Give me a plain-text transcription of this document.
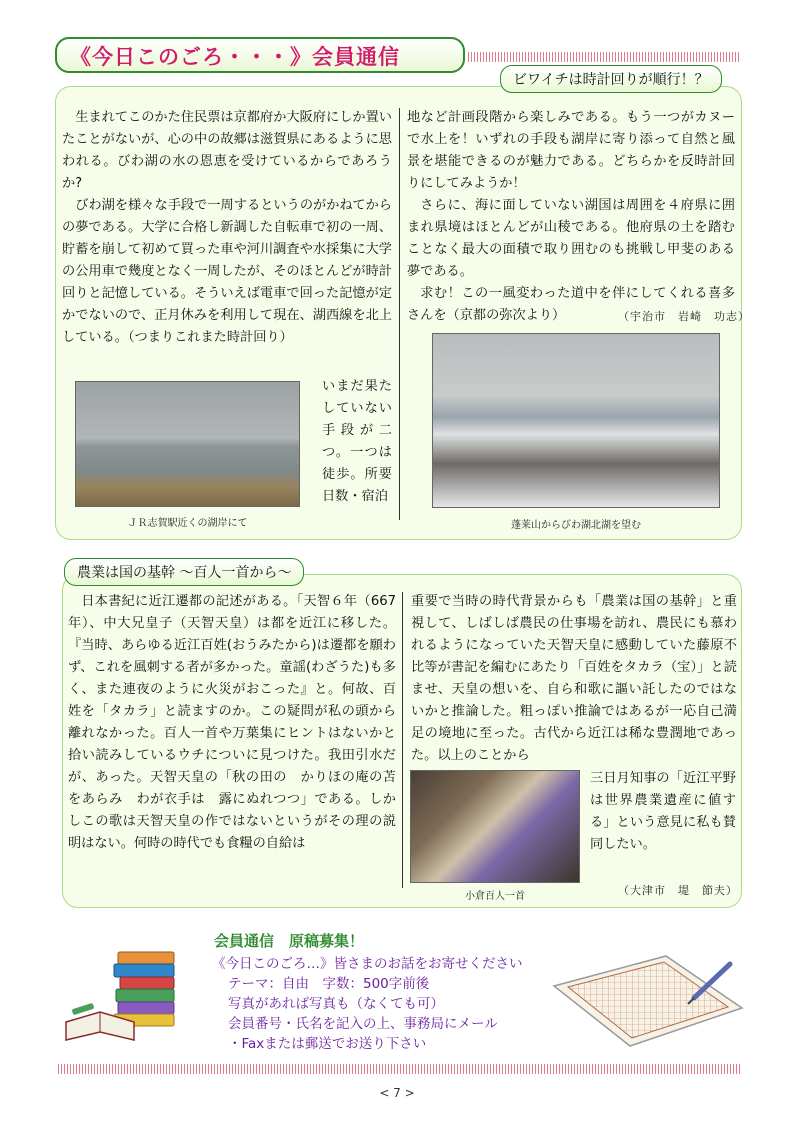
《今日このごろ・・・》会員通信
ビワイチは時計回りが順行！？

生まれてこのかた住民票は京都府か大阪府にしか置いたことがないが、心の中の故郷は滋賀県にあるように思われる。びわ湖の水の恩恵を受けているからであろうか?

びわ湖を様々な手段で一周するというのがかねてからの夢である。大学に合格し新調した自転車で初の一周、貯蓄を崩して初めて買った車や河川調査や水採集に大学の公用車で幾度となく一周したが、そのほとんどが時計回りと記憶している。そういえば電車で回った記憶が定かでないので、正月休みを利用して現在、湖西線を北上している。（つまりこれまた時計回り）

ＪＲ志賀駅近くの湖岸にて
いまだ果たしていない手段が二つ。一つは徒歩。所要日数・宿泊

地など計画段階から楽しみである。もう一つがカヌーで水上を！いずれの手段も湖岸に寄り添って自然と風景を堪能できるのが魅力である。どちらかを反時計回りにしてみようか！

さらに、海に面していない湖国は周囲を４府県に囲まれ県境はほとんどが山稜である。他府県の土を踏むことなく最大の面積で取り囲むのも挑戦し甲斐のある夢である。

求む！この一風変わった道中を伴にしてくれる喜多さんを（京都の弥次より）	（宇治市　岩崎　功志）
蓬莱山からびわ湖北湖を望む
農業は国の基幹 〜百人一首から〜

日本書紀に近江遷都の記述がある。「天智６年（667年）、中大兄皇子（天智天皇）は都を近江に移した。『当時、あらゆる近江百姓(おうみたから)は遷都を願わず、これを風刺する者が多かった。童謡(わざうた)も多く、また連夜のように火災がおこった』と。何故、百姓を「タカラ」と読ますのか。この疑問が私の頭から離れなかった。百人一首や万葉集にヒントはないかと拾い読みしているウチについに見つけた。我田引水だが、あった。天智天皇の「秋の田の　かりほの庵の苫をあらみ　わが衣手は　露にぬれつつ」である。しかしこの歌は天智天皇の作ではないというがその理の説明はない。何時の時代でも食糧の自給は

重要で当時の時代背景からも「農業は国の基幹」と重視して、しばしば農民の仕事場を訪れ、農民にも慕われるようになっていた天智天皇に感動していた藤原不比等が書記を編むにあたり「百姓をタカラ（宝）」と読ませ、天皇の想いを、自ら和歌に謳い託したのではないかと推論した。粗っぽい推論ではあるが一応自己満足の境地に至った。古代から近江は稀な豊潤地であった。以上のことから

小倉百人一首
三日月知事の「近江平野は世界農業遺産に値する」という意見に私も賛同したい。
（大津市　堤　節夫）
会員通信　原稿募集！
《今日このごろ…》皆さまのお話をお寄せください
テーマ：自由　字数：500字前後
写真があれば写真も（なくても可）
会員番号・氏名を記入の上、事務局にメール
・Faxまたは郵送でお送り下さい
< 7 >
